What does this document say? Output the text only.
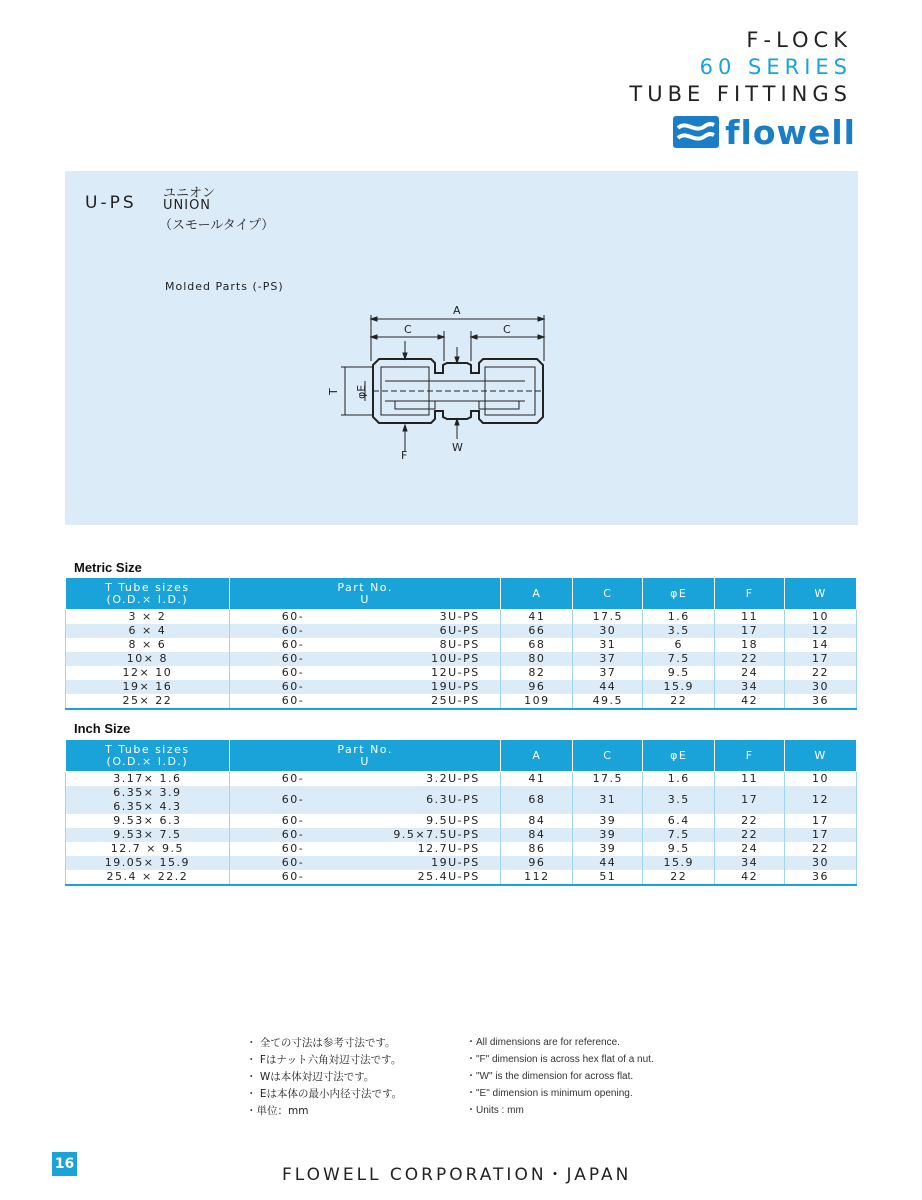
F-LOCK
60 SERIES
TUBE FITTINGS
flowell
U-PS ユニオン
UNION
（スモールタイプ）
Molded Parts (-PS)
A
C	C
T φE
F
W
Metric Size
T Tube sizes
(O.D.× I.D.)	Part No.
U	A	C	φE	F	W
3 × 2	60- 3U-PS	41	17.5	1.6	11	10
6 × 4	60- 6U-PS	66	30	3.5	17	12
8 × 6	60- 8U-PS	68	31	6	18	14
10× 8	60- 10U-PS	80	37	7.5	22	17
12× 10	60- 12U-PS	82	37	9.5	24	22
19× 16	60- 19U-PS	96	44	15.9	34	30
25× 22	60- 25U-PS	109	49.5	22	42	36
Inch Size
T Tube sizes
(O.D.× I.D.)	Part No.
U	A	C	φE	F	W
3.17× 1.6	60- 3.2U-PS	41	17.5	1.6	11	10
6.35× 3.9	60- 6.3U-PS	68	31	3.5	17	12
6.35× 4.3						
9.53× 6.3	60- 9.5U-PS	84	39	6.4	22	17
9.53× 7.5	60- 9.5×7.5U-PS	84	39	7.5	22	17
12.7 × 9.5	60- 12.7U-PS	86	39	9.5	24	22
19.05× 15.9	60- 19U-PS	96	44	15.9	34	30
25.4 × 22.2	60- 25.4U-PS	112	51	22	42	36
・ 全ての寸法は参考寸法です。
・ Fはナット六角対辺寸法です。
・ Wは本体対辺寸法です。
・ Eは本体の最小内径寸法です。
・単位：mm
・All dimensions are for reference.
・"F" dimension is across hex flat of a nut.
・"W" is the dimension for across flat.
・"E" dimension is minimum opening.
・Units : mm
16
FLOWELL CORPORATION・JAPAN
